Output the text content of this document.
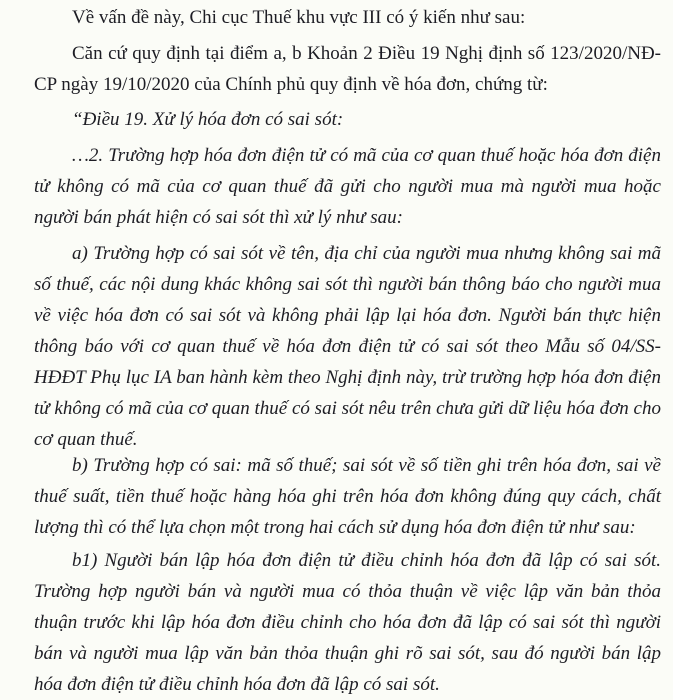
Về vấn đề này, Chi cục Thuế khu vực III có ý kiến như sau:

Căn cứ quy định tại điểm a, b Khoản 2 Điều 19 Nghị định số 123/2020/NĐ-CP ngày 19/10/2020 của Chính phủ quy định về hóa đơn, chứng từ:

“Điều 19. Xử lý hóa đơn có sai sót:

…2. Trường hợp hóa đơn điện tử có mã của cơ quan thuế hoặc hóa đơn điện tử không có mã của cơ quan thuế đã gửi cho người mua mà người mua hoặc người bán phát hiện có sai sót thì xử lý như sau:

a) Trường hợp có sai sót về tên, địa chỉ của người mua nhưng không sai mã số thuế, các nội dung khác không sai sót thì người bán thông báo cho người mua về việc hóa đơn có sai sót và không phải lập lại hóa đơn. Người bán thực hiện thông báo với cơ quan thuế về hóa đơn điện tử có sai sót theo Mẫu số 04/SS-HĐĐT Phụ lục IA ban hành kèm theo Nghị định này, trừ trường hợp hóa đơn điện tử không có mã của cơ quan thuế có sai sót nêu trên chưa gửi dữ liệu hóa đơn cho cơ quan thuế.

b) Trường hợp có sai: mã số thuế; sai sót về số tiền ghi trên hóa đơn, sai về thuế suất, tiền thuế hoặc hàng hóa ghi trên hóa đơn không đúng quy cách, chất lượng thì có thể lựa chọn một trong hai cách sử dụng hóa đơn điện tử như sau:

b1) Người bán lập hóa đơn điện tử điều chỉnh hóa đơn đã lập có sai sót. Trường hợp người bán và người mua có thỏa thuận về việc lập văn bản thỏa thuận trước khi lập hóa đơn điều chỉnh cho hóa đơn đã lập có sai sót thì người bán và người mua lập văn bản thỏa thuận ghi rõ sai sót, sau đó người bán lập hóa đơn điện tử điều chỉnh hóa đơn đã lập có sai sót.
